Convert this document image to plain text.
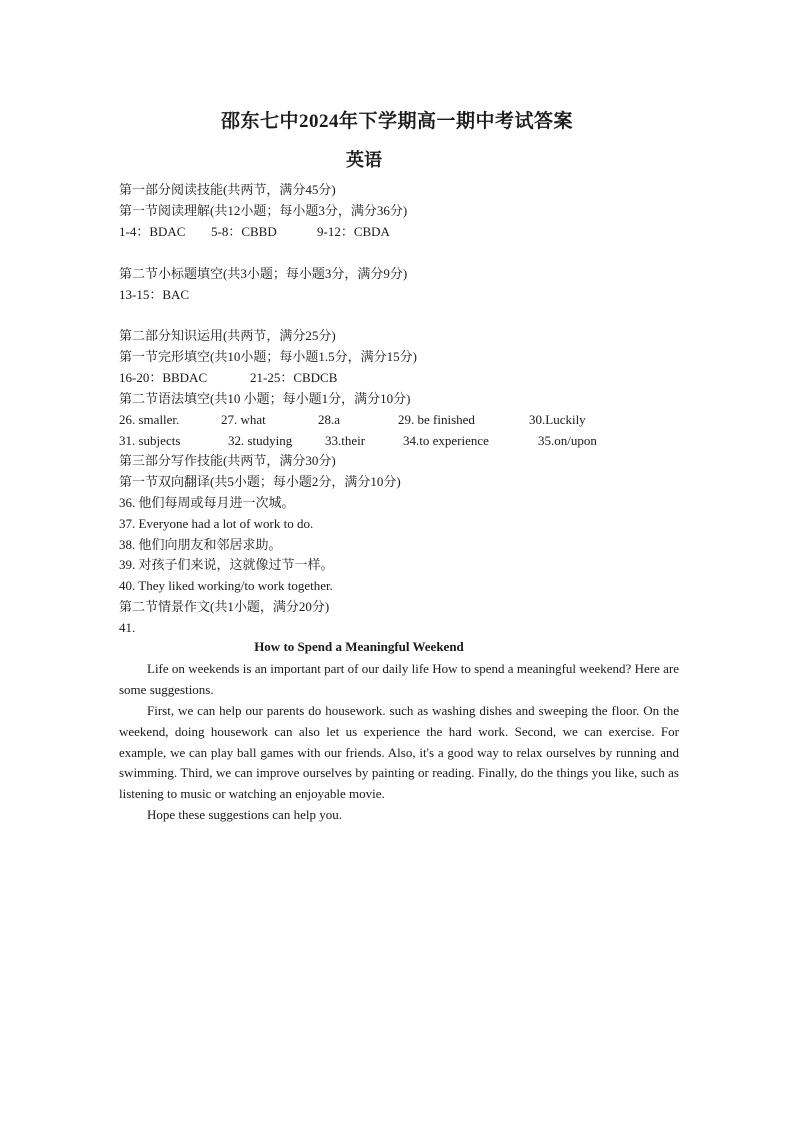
邵东七中2024年下学期高一期中考试答案
英语
第一部分阅读技能(共两节，满分45分)
第一节阅读理解(共12小题；每小题3分，满分36分)
1-4：BDAC 5-8：CBBD	9-12：CBDA
第二节小标题填空(共3小题；每小题3分，满分9分)
13-15：BAC
第二部分知识运用(共两节，满分25分)
第一节完形填空(共10小题；每小题1.5分，满分15分)
16-20：BBDAC	21-25：CBDCB
第二节语法填空(共10 小题；每小题1分，满分10分)
26. smaller.	27. what	28.a	29. be finished	30.Luckily
31. subjects	32. studying	33.their	34.to experience	35.on/upon
第三部分写作技能(共两节，满分30分)
第一节双向翻译(共5小题；每小题2分，满分10分)
36. 他们每周或每月进一次城。
37. Everyone had a lot of work to do.
38. 他们向朋友和邻居求助。
39. 对孩子们来说，这就像过节一样。
40. They liked working/to work together.
第二节情景作文(共1小题，满分20分)
41.
How to Spend a Meaningful Weekend
Life on weekends is an important part of our daily life How to spend a meaningful weekend? Here are some suggestions.
First, we can help our parents do housework. such as washing dishes and sweeping the floor. On the weekend, doing housework can also let us experience the hard work. Second, we can exercise. For example, we can play ball games with our friends. Also, it's a good way to relax ourselves by running and swimming. Third, we can improve ourselves by painting or reading. Finally, do the things you like, such as listening to music or watching an enjoyable movie.
Hope these suggestions can help you.
